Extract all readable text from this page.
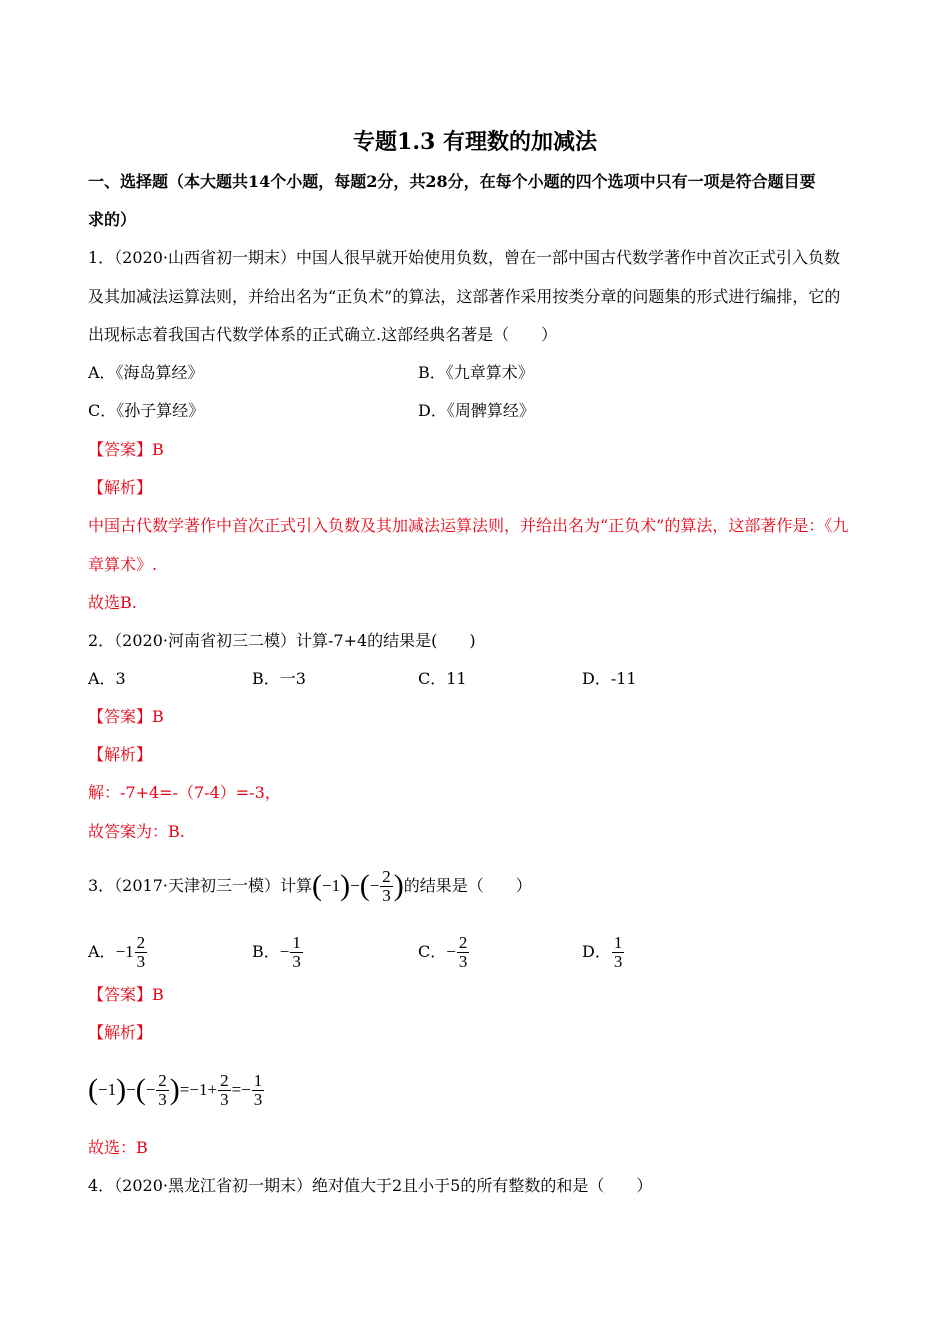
专题1.3 有理数的加减法
一、选择题（本大题共14个小题，每题2分，共28分，在每个小题的四个选项中只有一项是符合题目要
求的）
1．（2020·山西省初一期末）中国人很早就开始使用负数，曾在一部中国古代数学著作中首次正式引入负数
及其加减法运算法则，并给出名为“正负术”的算法，这部著作采用按类分章的问题集的形式进行编排，它的
出现标志着我国古代数学体系的正式确立.这部经典名著是（　　）
A．《海岛算经》	B．《九章算术》
C．《孙子算经》	D．《周髀算经》
【答案】B
【解析】
中国古代数学著作中首次正式引入负数及其加减法运算法则，并给出名为“正负术”的算法，这部著作是：《九
章算术》.
故选B.
2．（2020·河南省初三二模）计算-7+4的结果是(　　)
A．3	B．一3	C．11	D．-11
【答案】B
【解析】
解：-7+4=-（7-4）=-3，
故答案为：B.
3．（2017·天津初三一模）计算 ( −1 ) − ( − $\frac{2}{3}$ ) 的结果是（　　）
A． − $1 \frac{2}{3}$	B． − $\frac{1}{3}$	C． − $\frac{2}{3}$	D． $\frac{1}{3}$
【答案】B
【解析】
( −1 ) − ( − $\frac{2}{3}$ ) = $-1+ \frac{2}{3}$ = − $\frac{1}{3}$
故选：B
4．（2020·黑龙江省初一期末）绝对值大于2且小于5的所有整数的和是（　　）
